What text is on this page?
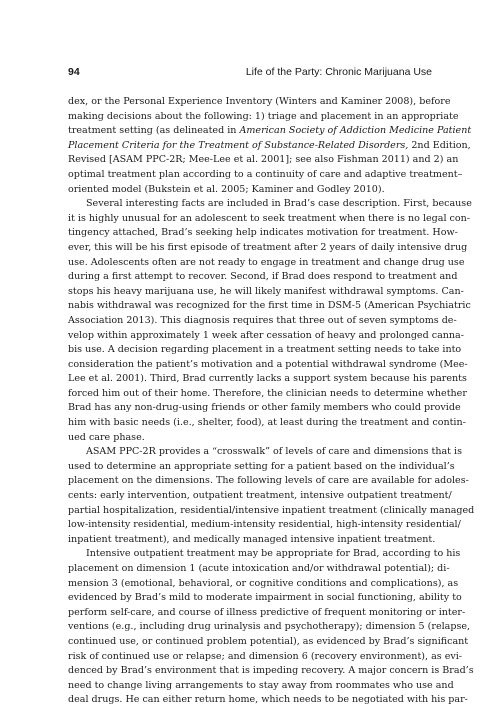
94	Life of the Party: Chronic Marijuana Use
dex, or the Personal Experience Inventory (Winters and Kaminer 2008), before
making decisions about the following: 1) triage and placement in an appropriate
treatment setting (as delineated in American Society of Addiction Medicine Patient
Placement Criteria for the Treatment of Substance-Related Disorders, 2nd Edition,
Revised [ASAM PPC-2R; Mee-Lee et al. 2001]; see also Fishman 2011) and 2) an
optimal treatment plan according to a continuity of care and adaptive treatment–
oriented model (Bukstein et al. 2005; Kaminer and Godley 2010).
Several interesting facts are included in Brad’s case description. First, because
it is highly unusual for an adolescent to seek treatment when there is no legal con-
tingency attached, Brad’s seeking help indicates motivation for treatment. How-
ever, this will be his first episode of treatment after 2 years of daily intensive drug
use. Adolescents often are not ready to engage in treatment and change drug use
during a first attempt to recover. Second, if Brad does respond to treatment and
stops his heavy marijuana use, he will likely manifest withdrawal symptoms. Can-
nabis withdrawal was recognized for the first time in DSM-5 (American Psychiatric
Association 2013). This diagnosis requires that three out of seven symptoms de-
velop within approximately 1 week after cessation of heavy and prolonged canna-
bis use. A decision regarding placement in a treatment setting needs to take into
consideration the patient’s motivation and a potential withdrawal syndrome (Mee-
Lee et al. 2001). Third, Brad currently lacks a support system because his parents
forced him out of their home. Therefore, the clinician needs to determine whether
Brad has any non-drug-using friends or other family members who could provide
him with basic needs (i.e., shelter, food), at least during the treatment and contin-
ued care phase.
ASAM PPC-2R provides a “crosswalk” of levels of care and dimensions that is
used to determine an appropriate setting for a patient based on the individual’s
placement on the dimensions. The following levels of care are available for adoles-
cents: early intervention, outpatient treatment, intensive outpatient treatment/
partial hospitalization, residential/intensive inpatient treatment (clinically managed
low-intensity residential, medium-intensity residential, high-intensity residential/
inpatient treatment), and medically managed intensive inpatient treatment.
Intensive outpatient treatment may be appropriate for Brad, according to his
placement on dimension 1 (acute intoxication and/or withdrawal potential); di-
mension 3 (emotional, behavioral, or cognitive conditions and complications), as
evidenced by Brad’s mild to moderate impairment in social functioning, ability to
perform self-care, and course of illness predictive of frequent monitoring or inter-
ventions (e.g., including drug urinalysis and psychotherapy); dimension 5 (relapse,
continued use, or continued problem potential), as evidenced by Brad’s significant
risk of continued use or relapse; and dimension 6 (recovery environment), as evi-
denced by Brad’s environment that is impeding recovery. A major concern is Brad’s
need to change living arrangements to stay away from roommates who use and
deal drugs. He can either return home, which needs to be negotiated with his par-
